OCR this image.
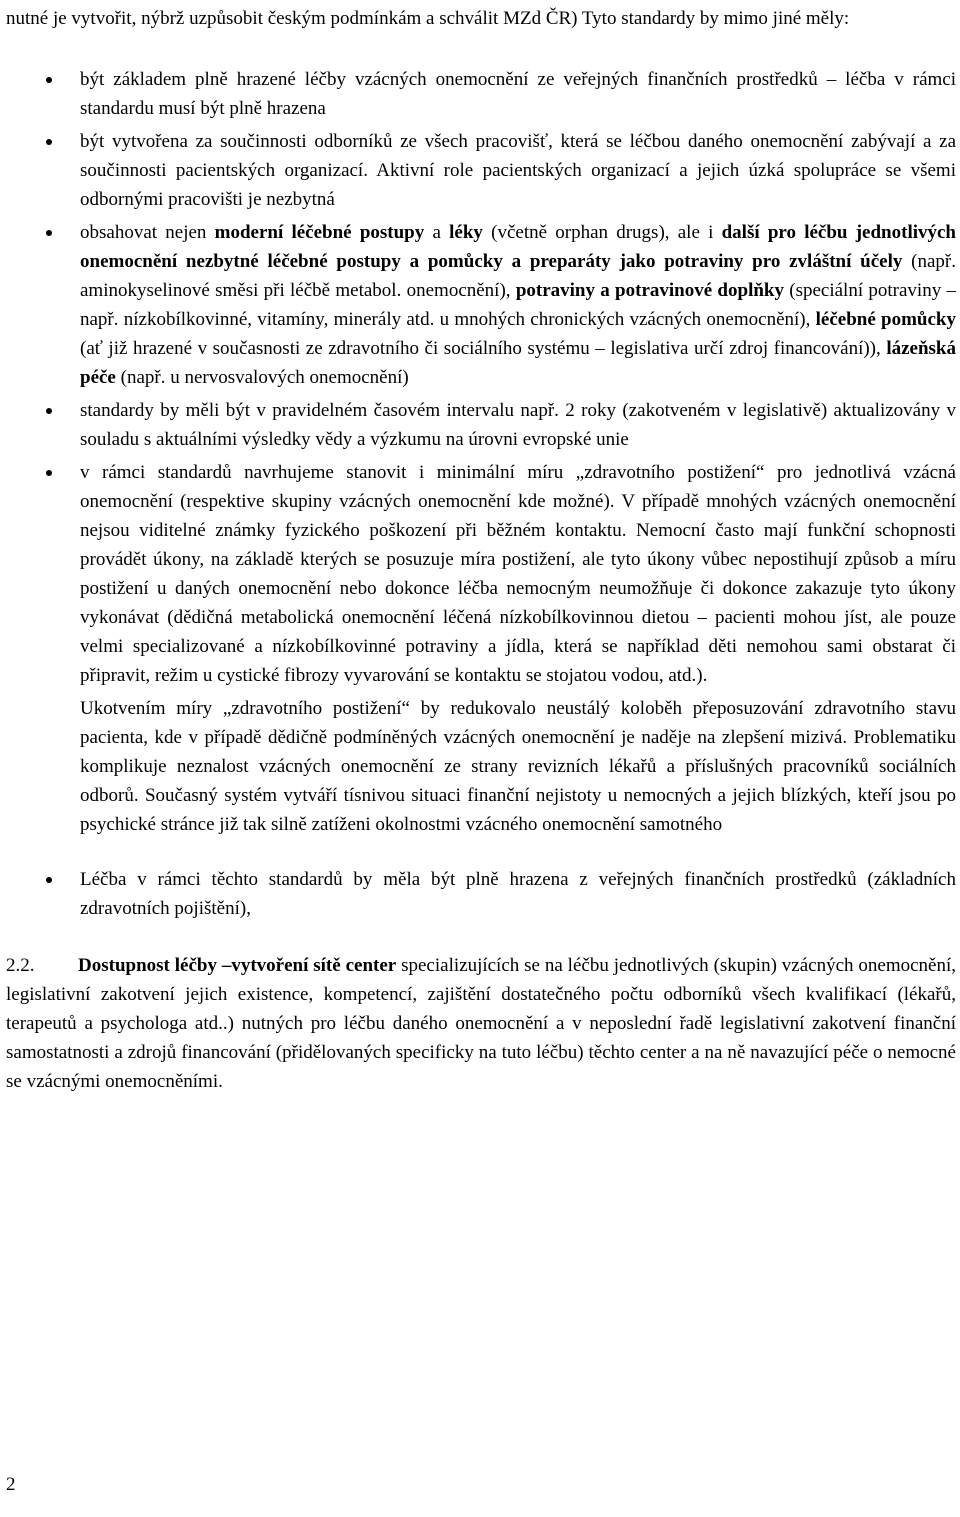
nutné je vytvořit, nýbrž uzpůsobit českým podmínkám a schválit MZd ČR) Tyto standardy by mimo jiné měly:

být základem plně hrazené léčby vzácných onemocnění ze veřejných finančních prostředků – léčba v rámci standardu musí být plně hrazena
být vytvořena za součinnosti odborníků ze všech pracovišť, která se léčbou daného onemocnění zabývají a za součinnosti pacientských organizací. Aktivní role pacientských organizací a jejich úzká spolupráce se všemi odbornými pracovišti je nezbytná
obsahovat nejen moderní léčebné postupy a léky (včetně orphan drugs), ale i další pro léčbu jednotlivých onemocnění nezbytné léčebné postupy a pomůcky a preparáty jako potraviny pro zvláštní účely (např. aminokyselinové směsi při léčbě metabol. onemocnění), potraviny a potravinové doplňky (speciální potraviny – např. nízkobílkovinné, vitamíny, minerály atd. u mnohých chronických vzácných onemocnění), léčebné pomůcky (ať již hrazené v současnosti ze zdravotního či sociálního systému – legislativa určí zdroj financování)), lázeňská péče (např. u nervosvalových onemocnění)
standardy by měli být v pravidelném časovém intervalu např. 2 roky (zakotveném v legislativě) aktualizovány v souladu s aktuálními výsledky vědy a výzkumu na úrovni evropské unie
v rámci standardů navrhujeme stanovit i minimální míru „zdravotního postižení“ pro jednotlivá vzácná onemocnění (respektive skupiny vzácných onemocnění kde možné). V případě mnohých vzácných onemocnění nejsou viditelné známky fyzického poškození při běžném kontaktu. Nemocní často mají funkční schopnosti provádět úkony, na základě kterých se posuzuje míra postižení, ale tyto úkony vůbec nepostihují způsob a míru postižení u daných onemocnění nebo dokonce léčba nemocným neumožňuje či dokonce zakazuje tyto úkony vykonávat (dědičná metabolická onemocnění léčená nízkobílkovinnou dietou – pacienti mohou jíst, ale pouze velmi specializované a nízkobílkovinné potraviny a jídla, která se například děti nemohou sami obstarat či připravit, režim u cystické fibrozy vyvarování se kontaktu se stojatou vodou, atd.).

Ukotvením míry „zdravotního postižení“ by redukovalo neustálý koloběh přeposuzování zdravotního stavu pacienta, kde v případě dědičně podmíněných vzácných onemocnění je naděje na zlepšení mizivá. Problematiku komplikuje neznalost vzácných onemocnění ze strany revizních lékařů a příslušných pracovníků sociálních odborů. Současný systém vytváří tísnivou situaci finanční nejistoty u nemocných a jejich blízkých, kteří jsou po psychické stránce již tak silně zatíženi okolnostmi vzácného onemocnění samotného

Léčba v rámci těchto standardů by měla být plně hrazena z veřejných finančních prostředků (základních zdravotních pojištění),

2.2. Dostupnost léčby –vytvoření sítě center specializujících se na léčbu jednotlivých (skupin) vzácných onemocnění, legislativní zakotvení jejich existence, kompetencí, zajištění dostatečného počtu odborníků všech kvalifikací (lékařů, terapeutů a psychologa atd..) nutných pro léčbu daného onemocnění a v neposlední řadě legislativní zakotvení finanční samostatnosti a zdrojů financování (přidělovaných specificky na tuto léčbu) těchto center a na ně navazující péče o nemocné se vzácnými onemocněními.

2
